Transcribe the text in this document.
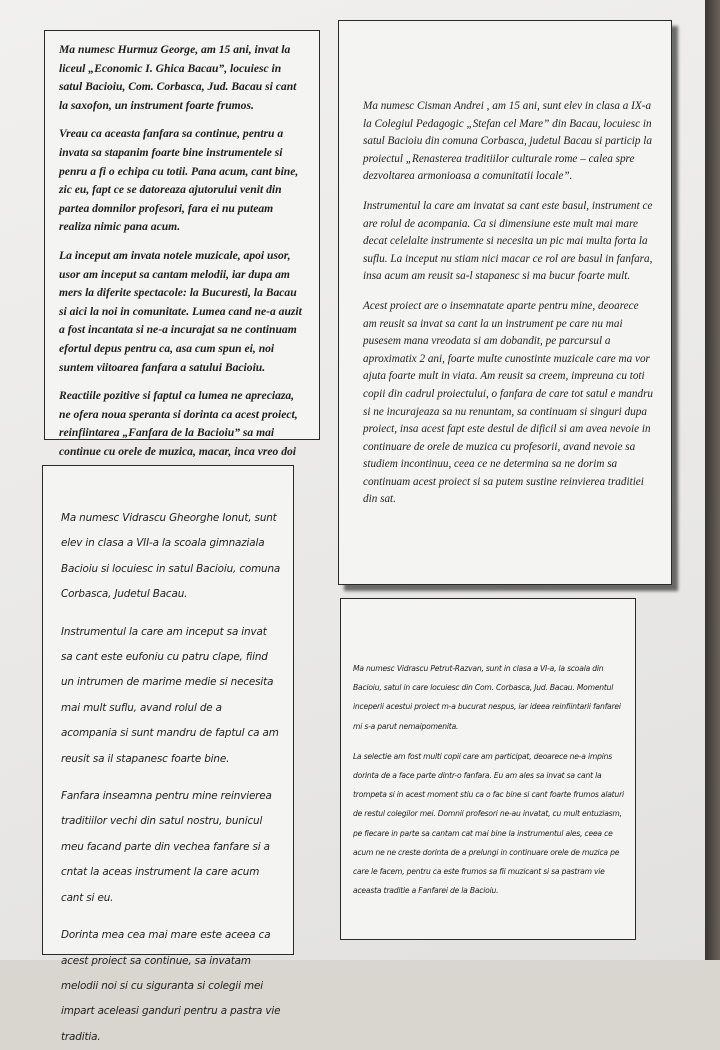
Ma numesc Hurmuz George, am 15 ani, invat la liceul „Economic I. Ghica Bacau”, locuiesc in satul Bacioiu, Com. Corbasca, Jud. Bacau si cant la saxofon, un instrument foarte frumos.

Vreau ca aceasta fanfara sa continue, pentru a invata sa stapanim foarte bine instrumentele si penru a fi o echipa cu totii. Pana acum, cant bine, zic eu, fapt ce se datoreaza ajutorului venit din partea domnilor profesori, fara ei nu puteam realiza nimic pana acum.

La inceput am invata notele muzicale, apoi usor, usor am inceput sa cantam melodii, iar dupa am mers la diferite spectacole: la Bucuresti, la Bacau si aici la noi in comunitate. Lumea cand ne-a auzit a fost incantata si ne-a incurajat sa ne continuam efortul depus pentru ca, asa cum spun ei, noi suntem viitoarea fanfara a satului Bacioiu.

Reactiile pozitive si faptul ca lumea ne apreciaza, ne ofera noua speranta si dorinta ca acest proiect, reinfiintarea „Fanfara de la Bacioiu” sa mai continue cu orele de muzica, macar, inca vreo doi

Ma numesc Cisman Andrei , am 15 ani, sunt elev in clasa a IX-a la Colegiul Pedagogic „Stefan cel Mare” din Bacau, locuiesc in satul Bacioiu din comuna Corbasca, judetul Bacau si particip la proiectul „Renasterea traditiilor culturale rome – calea spre dezvoltarea armonioasa a comunitatii locale”.

Instrumentul la care am invatat sa cant este basul, instrument ce are rolul de acompania. Ca si dimensiune este mult mai mare decat celelalte instrumente si necesita un pic mai multa forta la suflu. La inceput nu stiam nici macar ce rol are basul in fanfara, insa acum am reusit sa-l stapanesc si ma bucur foarte mult.

Acest proiect are o insemnatate aparte pentru mine, deoarece am reusit sa invat sa cant la un instrument pe care nu mai pusesem mana vreodata si am dobandit, pe parcursul a aproximatix 2 ani, foarte multe cunostinte muzicale care ma vor ajuta foarte mult in viata. Am reusit sa creem, impreuna cu toti copii din cadrul proiectului, o fanfara de care tot satul e mandru si ne incurajeaza sa nu renuntam, sa continuam si singuri dupa proiect, insa acest fapt este destul de dificil si am avea nevoie in continuare de orele de muzica cu profesorii, avand nevoie sa studiem incontinuu, ceea ce ne determina sa ne dorim sa continuam acest proiect si sa putem sustine reinvierea traditiei din sat.

Ma numesc Vidrascu Gheorghe Ionut, sunt elev in clasa a VII-a la scoala gimnaziala Bacioiu si locuiesc in satul Bacioiu, comuna Corbasca, Judetul Bacau.

Instrumentul la care am inceput sa invat sa cant este eufoniu cu patru clape, fiind un intrumen de marime medie si necesita mai mult suflu, avand rolul de a acompania si sunt mandru de faptul ca am reusit sa il stapanesc foarte bine.

Fanfara inseamna pentru mine reinvierea traditiilor vechi din satul nostru, bunicul meu facand parte din vechea fanfare si a cntat la aceas instrument la care acum cant si eu.

Dorinta mea cea mai mare este aceea ca acest proiect sa continue, sa invatam melodii noi si cu siguranta si colegii mei impart aceleasi ganduri pentru a pastra vie traditia.

Ma numesc Vidrascu Petrut-Razvan, sunt in clasa a VI-a, la scoala din Bacioiu, satul in care locuiesc din Com. Corbasca, Jud. Bacau. Momentul inceperii acestui proiect m-a bucurat nespus, iar ideea reinfiintarii fanfarei mi s-a parut nemaipomenita.

La selectie am fost multi copii care am participat, deoarece ne-a impins dorinta de a face parte dintr-o fanfara. Eu am ales sa invat sa cant la trompeta si in acest moment stiu ca o fac bine si cant foarte frumos alaturi de restul colegilor mei. Domnii profesori ne-au invatat, cu mult entuziasm, pe fiecare in parte sa cantam cat mai bine la instrumentul ales, ceea ce acum ne ne creste dorinta de a prelungi in continuare orele de muzica pe care le facem, pentru ca este frumos sa fii muzicant si sa pastram vie aceasta traditie a Fanfarei de la Bacioiu.
